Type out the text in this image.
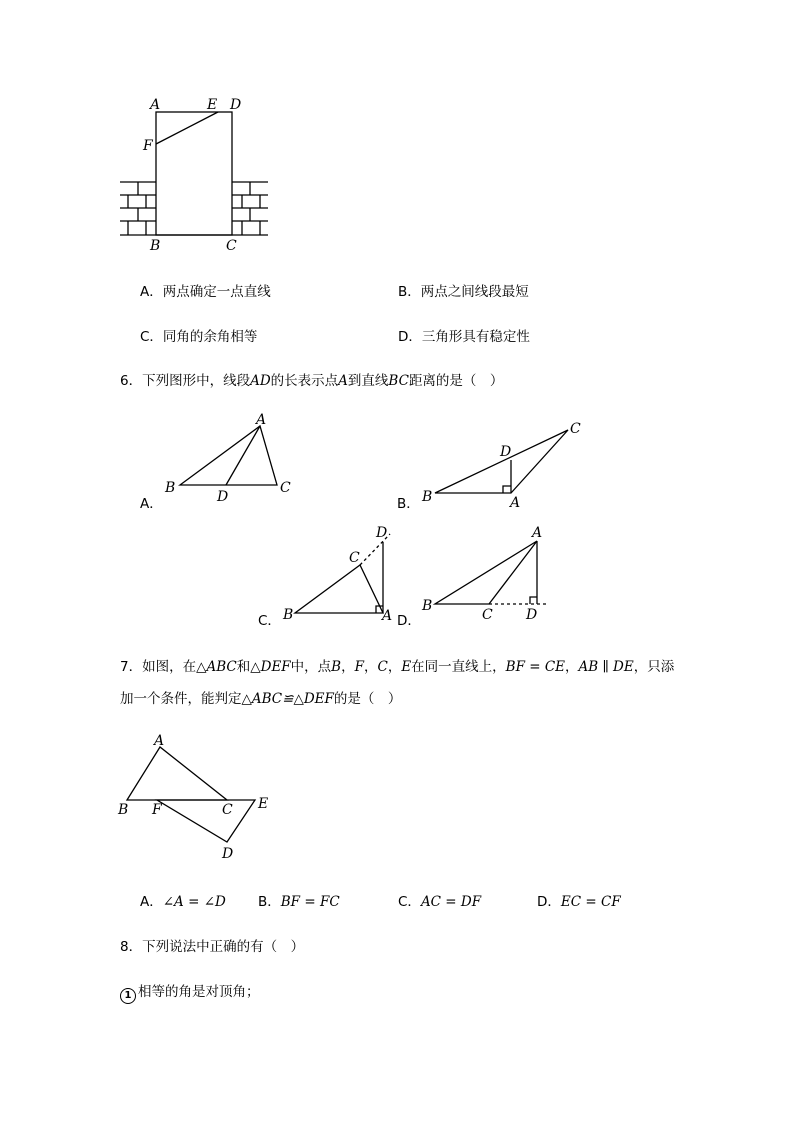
A	E D
F
B	C
A．两点确定一点直线	B．两点之间线段最短
C．同角的余角相等	D．三角形具有稳定性
6．下列图形中，线段AD的长表示点A到直线BC距离的是（　）
A
B	C
D
A．	A
B
C
D
B．
A
B
C
D
C．
A
B
C D
D．
7．如图，在△ABC和△DEF中，点B，F，C，E在同一直线上，BF = CE，AB ∥ DE，只添
加一个条件，能判定△ABC≌△DEF的是（　）
A
B F	C E
D
A．∠A = ∠D B．BF = FC	C．AC = DF	D．EC = CF
8．下列说法中正确的有（　）
1 相等的角是对顶角；
